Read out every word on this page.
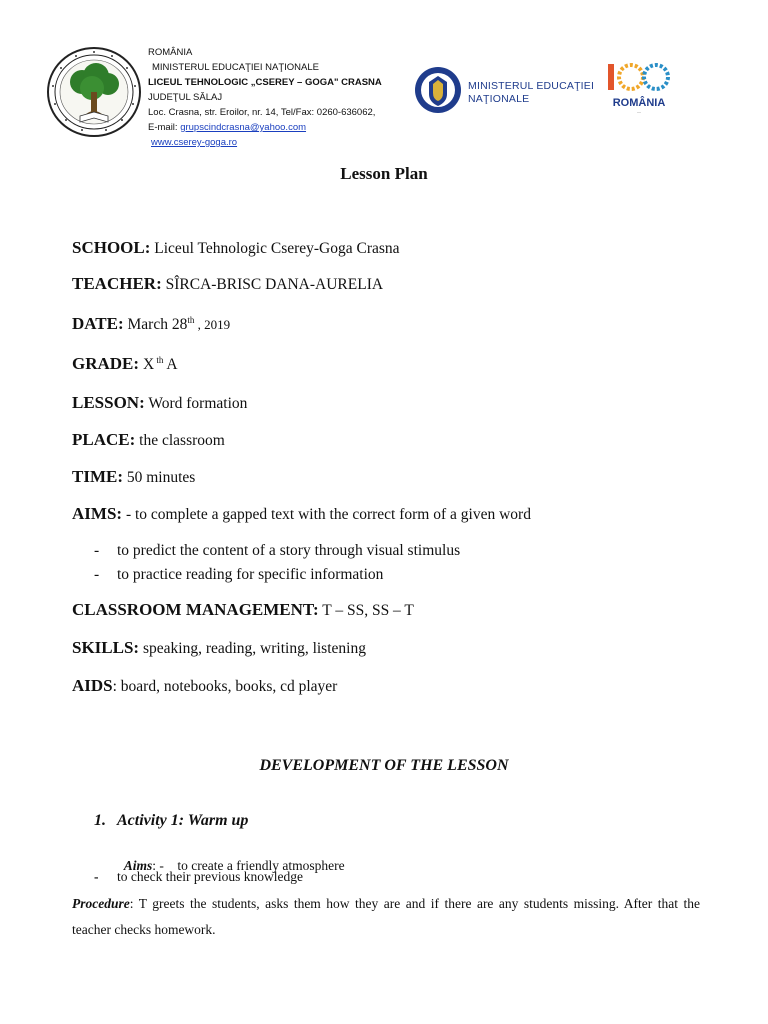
ROMÂNIA
MINISTERUL EDUCAŢIEI NAŢIONALE
LICEUL TEHNOLOGIC „CSEREY – GOGA" CRASNA
JUDEŢUL SĂLAJ
Loc. Crasna, str. Eroilor, nr. 14, Tel/Fax: 0260-636062,
E-mail: grupscindcrasna@yahoo.com
www.cserey-goga.ro
MINISTERUL EDUCAŢIEI
NAŢIONALE	ROMÂNIA
—
Lesson Plan
SCHOOL: Liceul Tehnologic Cserey-Goga Crasna
TEACHER: SÎRCA-BRISC DANA-AURELIA
DATE: March 28th , 2019
GRADE: X $^{th}$ A
LESSON: Word formation
PLACE: the classroom
TIME: 50 minutes
AIMS: - to complete a gapped text with the correct form of a given word
- to predict the content of a story through visual stimulus
- to practice reading for specific information
CLASSROOM MANAGEMENT: T – SS, SS – T
SKILLS: speaking, reading, writing, listening
AIDS: board, notebooks, books, cd player
DEVELOPMENT OF THE LESSON
1. Activity 1: Warm up

Aims: -    to create a friendly atmosphere

- to check their previous knowledge
Procedure: T greets the students, asks them how they are and if there are any students missing. After that the teacher checks homework.
